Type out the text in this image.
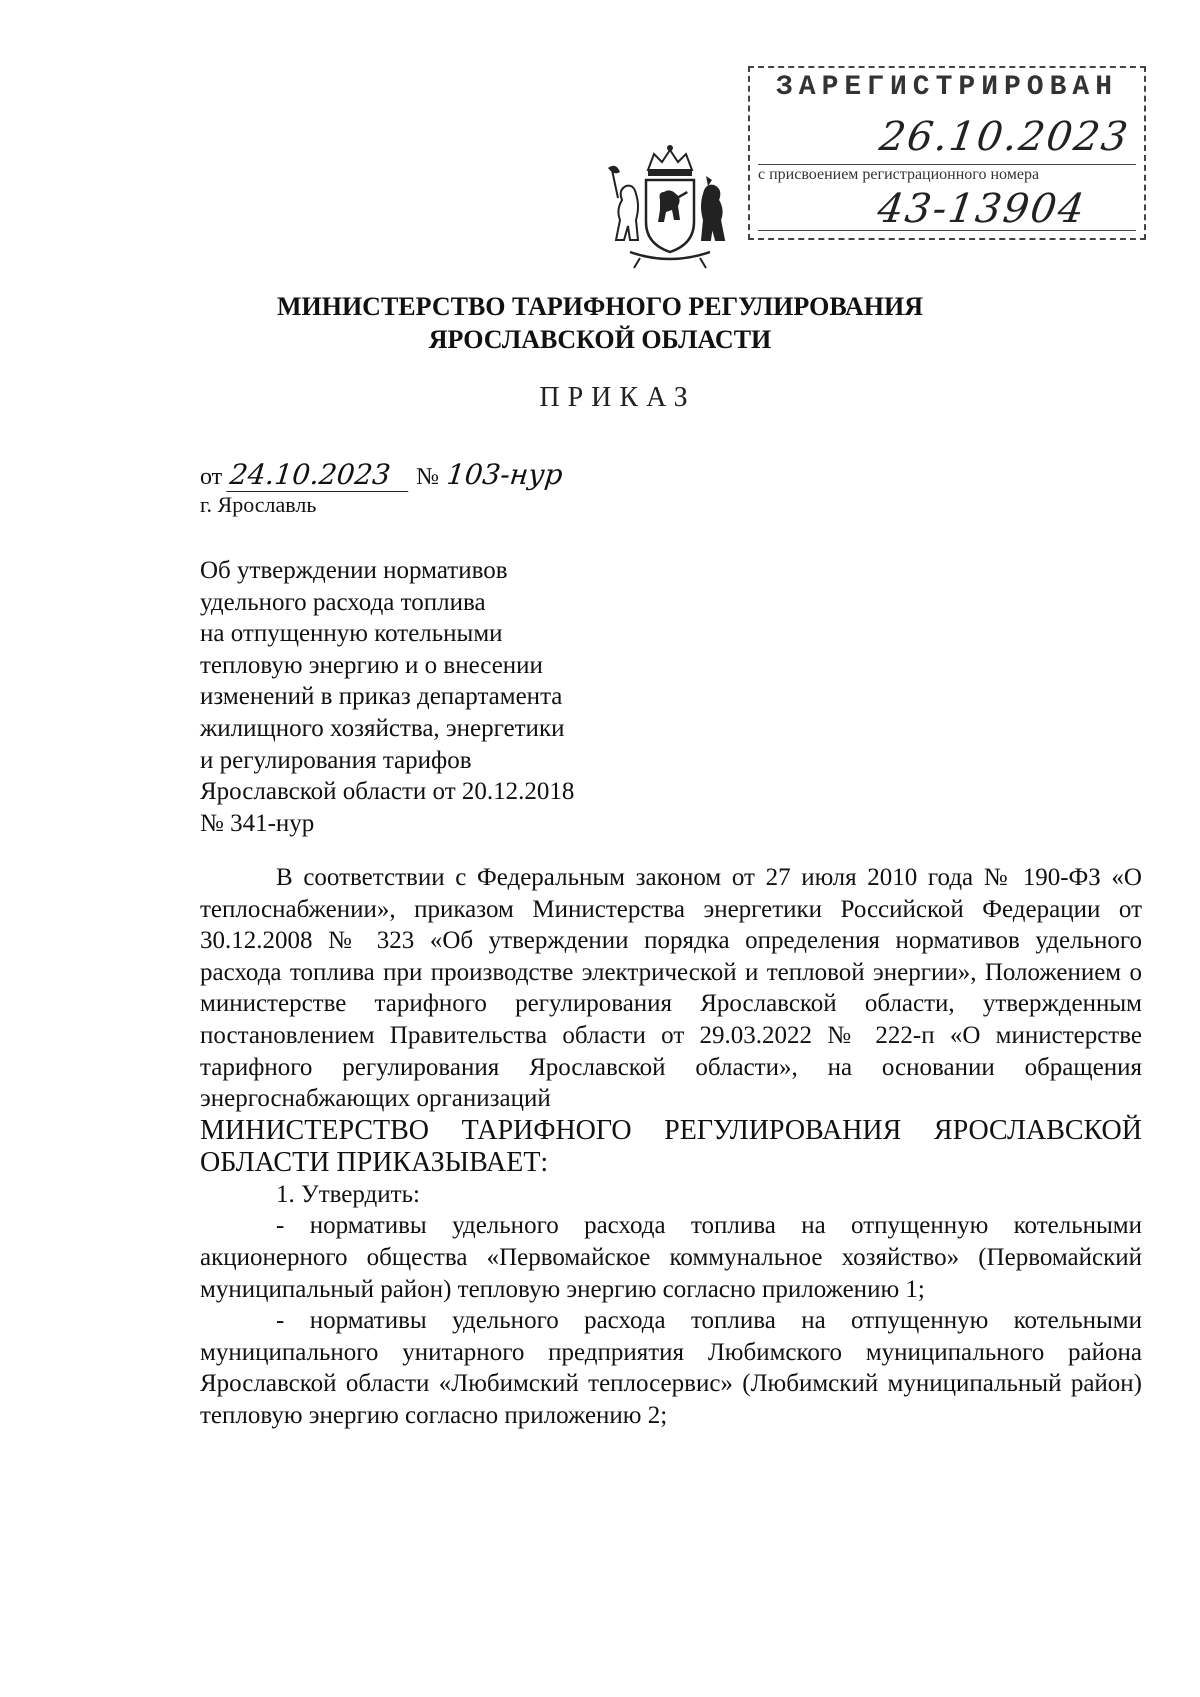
ЗАРЕГИСТРИРОВАН
26.10.2023
с присвоением регистрационного номера
43-13904
МИНИСТЕРСТВО ТАРИФНОГО РЕГУЛИРОВАНИЯ
ЯРОСЛАВСКОЙ ОБЛАСТИ
ПРИКАЗ
от 24.10.2023 № 103-нур
г. Ярославль
Об утверждении нормативов
удельного расхода топлива
на отпущенную котельными
тепловую энергию и о внесении
изменений в приказ департамента
жилищного хозяйства, энергетики
и регулирования тарифов
Ярославской области от 20.12.2018
№ 341-нур

В соответствии с Федеральным законом от 27 июля 2010 года № 190-ФЗ «О теплоснабжении», приказом Министерства энергетики Российской Федерации от 30.12.2008 № 323 «Об утверждении порядка определения нормативов удельного расхода топлива при производстве электрической и тепловой энергии», Положением о министерстве тарифного регулирования Ярославской области, утвержденным постановлением Правительства области от 29.03.2022 № 222-п «О министерстве тарифного регулирования Ярославской области», на основании обращения энергоснабжающих организаций

МИНИСТЕРСТВО ТАРИФНОГО РЕГУЛИРОВАНИЯ ЯРОСЛАВСКОЙ ОБЛАСТИ ПРИКАЗЫВАЕТ:

1. Утвердить:

- нормативы удельного расхода топлива на отпущенную котельными акционерного общества «Первомайское коммунальное хозяйство» (Первомайский муниципальный район) тепловую энергию согласно приложению 1;

- нормативы удельного расхода топлива на отпущенную котельными муниципального унитарного предприятия Любимского муниципального района Ярославской области «Любимский теплосервис» (Любимский муниципальный район) тепловую энергию согласно приложению 2;
